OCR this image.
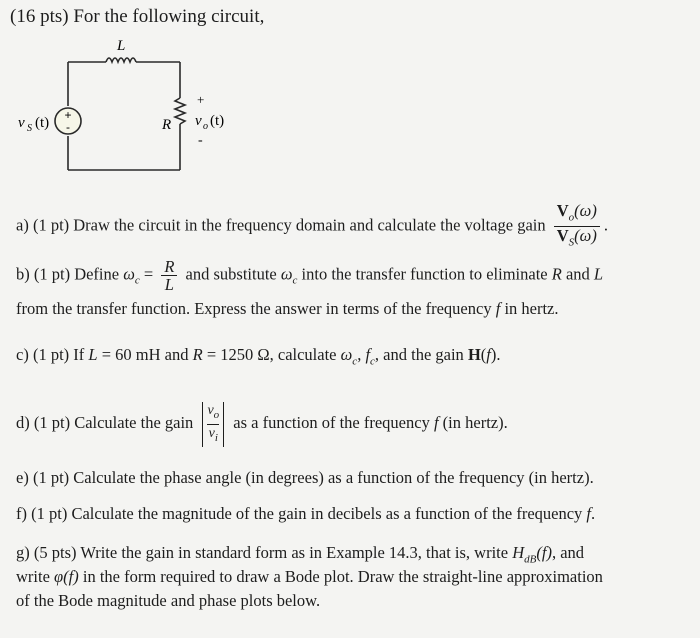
(16 pts) For the following circuit,
+
-
L
R
v S (t)
+
-
v o (t)
a) (1 pt) Draw the circuit in the frequency domain and calculate the voltage gain $\frac{V_o(\omega)}{V_S(\omega)}$ .
b) (1 pt) Define $\omega_c = \frac{R}{L}$ and substitute $\omega_c$ into the transfer function to eliminate R and L
from the transfer function. Express the answer in terms of the frequency f in hertz.
c) (1 pt) If L = 60 mH and R = 1250 Ω, calculate $\omega_c$, $f_c$, and the gain H(f).
d) (1 pt) Calculate the gain $\frac{v_o}{v_i}$ as a function of the frequency f (in hertz).
e) (1 pt) Calculate the phase angle (in degrees) as a function of the frequency (in hertz).
f) (1 pt) Calculate the magnitude of the gain in decibels as a function of the frequency f.
g) (5 pts) Write the gain in standard form as in Example 14.3, that is, write $H_{dB}(f)$, and
write φ(f) in the form required to draw a Bode plot. Draw the straight-line approximation
of the Bode magnitude and phase plots below.
